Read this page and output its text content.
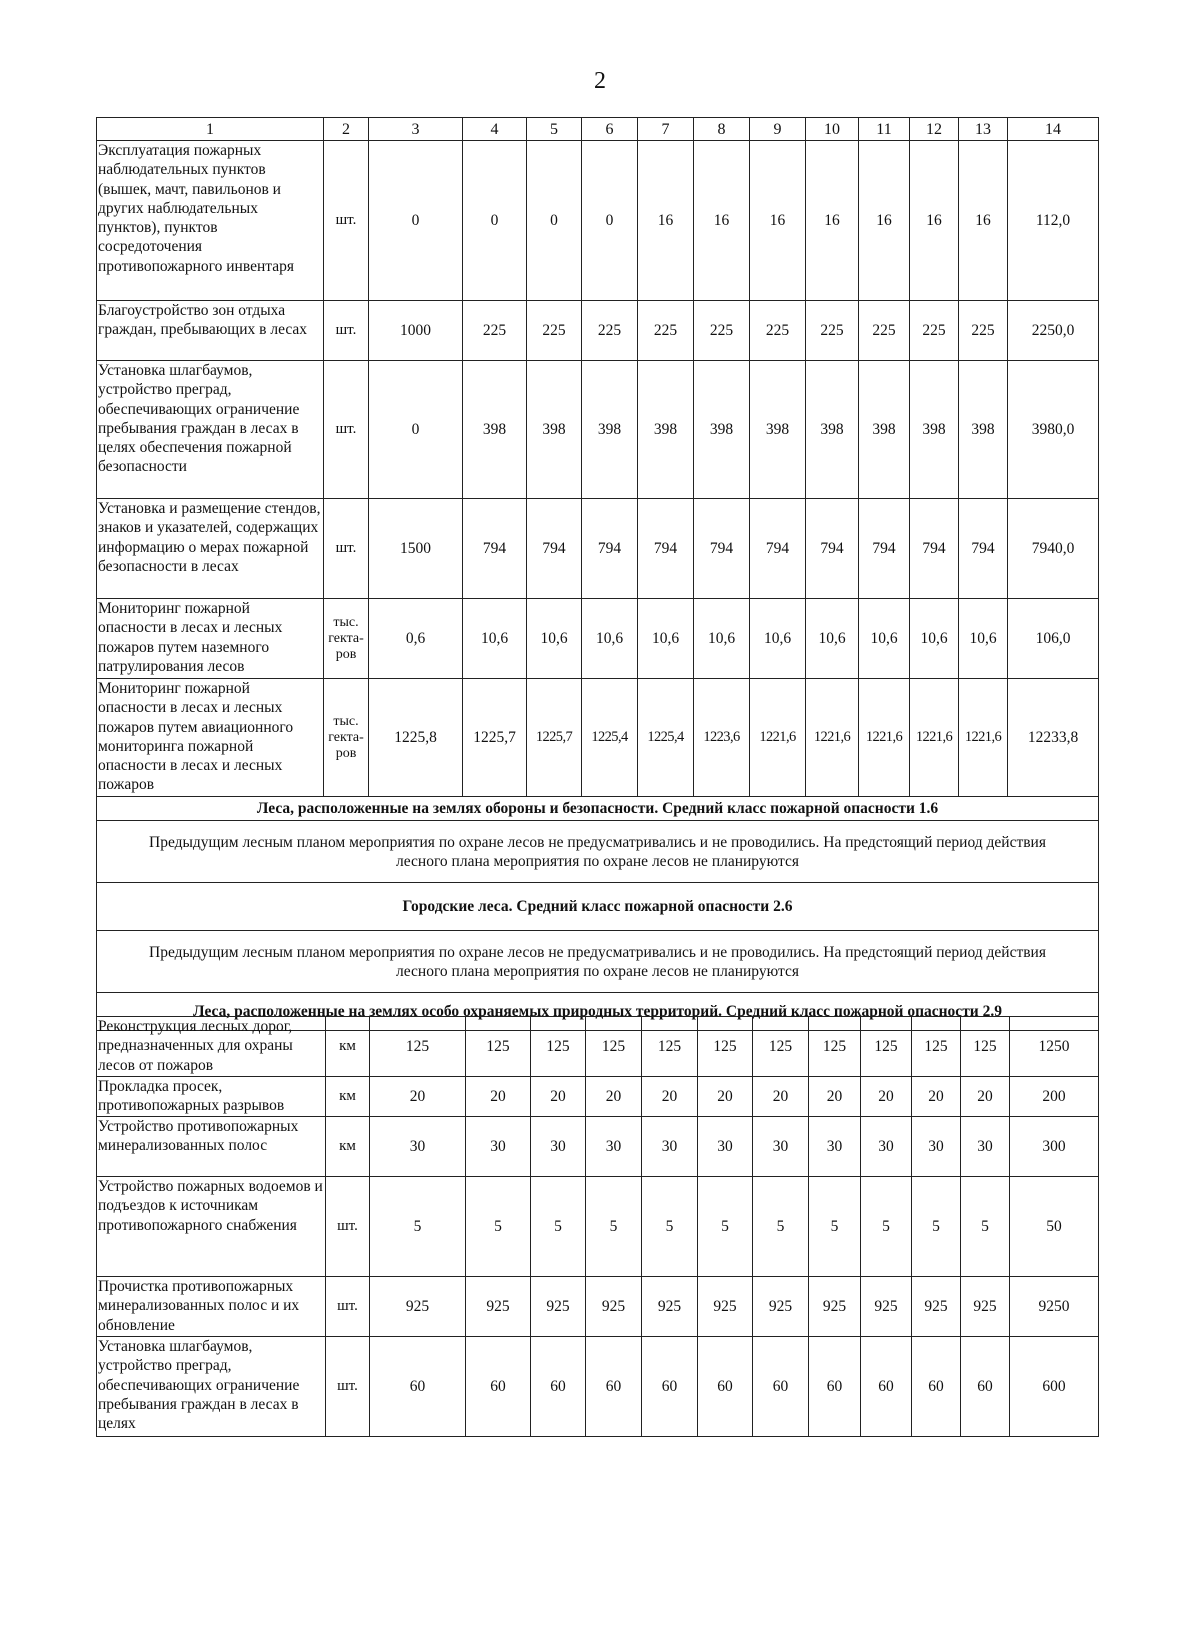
2
1	2	3	4	5	6	7	8	9	10	11	12	13	14
Эксплуатация пожарных наблюдательных пунктов (вышек, мачт, павильонов и других наблюдательных пунктов), пунктов сосредоточения противопожарного инвентаря	шт.	0	0	0	0	16	16	16	16	16	16	16	112,0
Благоустройство зон отдыха граждан, пребывающих в лесах	шт.	1000	225	225	225	225	225	225	225	225	225	225	2250,0
Установка шлагбаумов, устройство преград, обеспечивающих ограничение пребывания граждан в лесах в целях обеспечения пожарной безопасности	шт.	0	398	398	398	398	398	398	398	398	398	398	3980,0
Установка и размещение стендов, знаков и указателей, содержащих информацию о мерах пожарной безопасности в лесах	шт.	1500	794	794	794	794	794	794	794	794	794	794	7940,0
Мониторинг пожарной опасности в лесах и лесных пожаров путем наземного патрулирования лесов	тыс. гекта-ров	0,6	10,6	10,6	10,6	10,6	10,6	10,6	10,6	10,6	10,6	10,6	106,0
Мониторинг пожарной опасности в лесах и лесных пожаров путем авиационного мониторинга пожарной опасности в лесах и лесных пожаров	тыс. гекта-ров	1225,8	1225,7	1225,7	1225,4	1225,4	1223,6	1221,6	1221,6	1221,6	1221,6	1221,6	12233,8
Леса, расположенные на землях обороны и безопасности. Средний класс пожарной опасности 1.6													
Предыдущим лесным планом мероприятия по охране лесов не предусматривались и не проводились. На предстоящий период действия лесного плана мероприятия по охране лесов не планируются													
Городские леса. Средний класс пожарной опасности 2.6													
Предыдущим лесным планом мероприятия по охране лесов не предусматривались и не проводились. На предстоящий период действия лесного плана мероприятия по охране лесов не планируются													
Леса, расположенные на землях особо охраняемых природных территорий. Средний класс пожарной опасности 2.9													
Реконструкция лесных дорог, предназначенных для охраны лесов от пожаров	км	125	125	125	125	125	125	125	125	125	125	125	1250
Прокладка просек, противопожарных разрывов	км	20	20	20	20	20	20	20	20	20	20	20	200
Устройство противопожарных минерализованных полос	км	30	30	30	30	30	30	30	30	30	30	30	300
Устройство пожарных водоемов и подъездов к источникам противопожарного снабжения	шт.	5	5	5	5	5	5	5	5	5	5	5	50
Прочистка противопожарных минерализованных полос и их обновление	шт.	925	925	925	925	925	925	925	925	925	925	925	9250
Установка шлагбаумов, устройство преград, обеспечивающих ограничение пребывания граждан в лесах в целях	шт.	60	60	60	60	60	60	60	60	60	60	60	600
